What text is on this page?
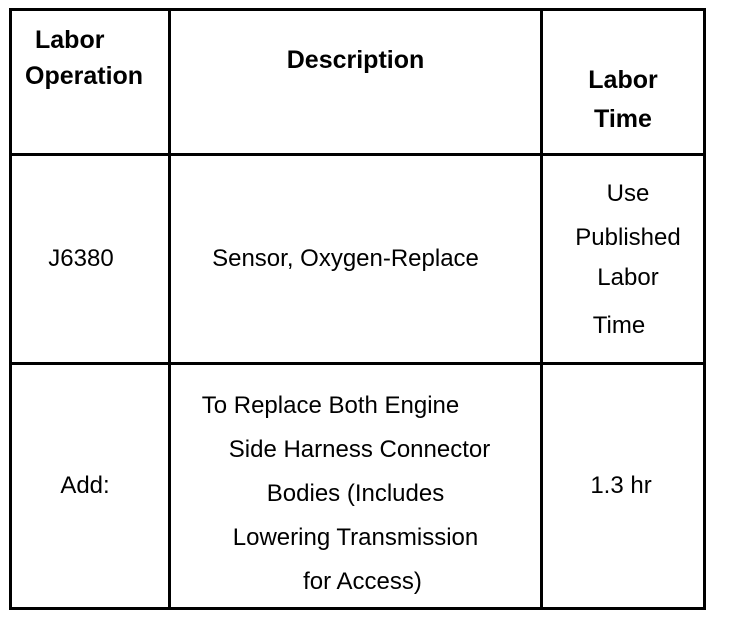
Labor
Operation
Description
Labor
Time
J6380	Sensor, Oxygen-Replace
Use
Published
Labor
Time
Add:
To Replace Both Engine
Side Harness Connector
Bodies (Includes
Lowering Transmission
for Access)
1.3 hr
